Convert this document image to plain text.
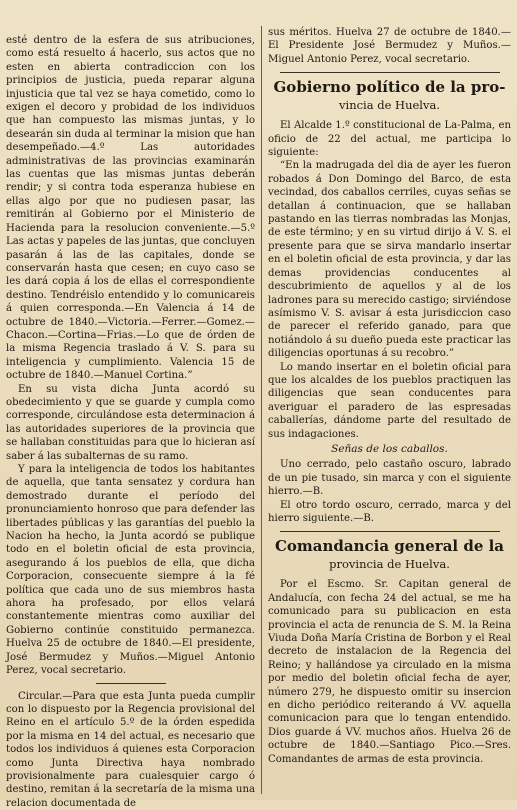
esté dentro de la esfera de sus atribuciones, como está resuelto á hacerlo, sus actos que no esten en abierta contradiccion con los principios de justicia, pueda reparar alguna injusticia que tal vez se haya cometido, como lo exigen el decoro y probidad de los individuos que han compuesto las mismas juntas, y lo desearán sin duda al terminar la mision que han desempeñado.—4.º Las autoridades administrativas de las provincias examinarán las cuentas que las mismas juntas deberán rendir; y si contra toda esperanza hubiese en ellas algo por que no pudiesen pasar, las remitirán al Gobierno por el Ministerio de Hacienda para la resolucion conveniente.—5.º Las actas y papeles de las juntas, que concluyen pasarán á las de las capitales, donde se conservarán hasta que cesen; en cuyo caso se les dará copia á los de ellas el correspondiente destino. Tendréislo entendido y lo comunicareis á quien corresponda.—En Valencia á 14 de octubre de 1840.—Victoria.—Ferrer.—Gomez.—Chacon.—Cortina—Frias.—Lo que de órden de la misma Regencia traslado á V. S. para su inteligencia y cumplimiento. Valencia 15 de octubre de 1840.—Manuel Cortina.”

En su vista dicha Junta acordó su obedecimiento y que se guarde y cumpla como corresponde, circulándose esta determinacion á las autoridades superiores de la provincia que se hallaban constituidas para que lo hicieran así saber á las subalternas de su ramo.

Y para la inteligencia de todos los habitantes de aquella, que tanta sensatez y cordura han demostrado durante el período del pronunciamiento honroso que para defender las libertades públicas y las garantías del pueblo la Nacion ha hecho, la Junta acordó se publique todo en el boletin oficial de esta provincia, asegurando á los pueblos de ella, que dicha Corporacion, consecuente siempre á la fé política que cada uno de sus miembros hasta ahora ha profesado, por ellos velará constantemente mientras como auxiliar del Gobierno continúe constituido permanezca. Huelva 25 de octubre de 1840.—El presidente, José Bermudez y Muños.—Miguel Antonio Perez, vocal secretario.

Circular.—Para que esta Junta pueda cumplir con lo dispuesto por la Regencia provisional del Reino en el artículo 5.º de la órden espedida por la misma en 14 del actual, es necesario que todos los individuos á quienes esta Corporacion como Junta Directiva haya nombrado provisionalmente para cualesquier cargo ó destino, remitan á la secretaría de la misma una relacion documentada de

sus méritos. Huelva 27 de octubre de 1840.—El Presidente José Bermudez y Muños.—Miguel Antonio Perez, vocal secretario.

Gobierno político de la pro-
vincia de Huelva.

El Alcalde 1.º constitucional de La-Palma, en oficio de 22 del actual, me participa lo siguiente:

“En la madrugada del dia de ayer les fueron robados á Don Domingo del Barco, de esta vecindad, dos caballos cerriles, cuyas señas se detallan á continuacion, que se hallaban pastando en las tierras nombradas las Monjas, de este término; y en su virtud dirijo á V. S. el presente para que se sirva mandarlo insertar en el boletin oficial de esta provincia, y dar las demas providencias conducentes al descubrimiento de aquellos y al de los ladrones para su merecido castigo; sirviéndose asímismo V. S. avisar á esta jurisdiccion caso de parecer el referido ganado, para que notiándolo á su dueño pueda este practicar las diligencias oportunas á su recobro.”

Lo mando insertar en el boletin oficial para que los alcaldes de los pueblos practiquen las diligencias que sean conducentes para averiguar el paradero de las espresadas caballerías, dándome parte del resultado de sus indagaciones.

Señas de los caballos.

Uno cerrado, pelo castaño oscuro, labrado de un pie tusado, sin marca y con el siguiente hierro.—B.

El otro tordo oscuro, cerrado, marca y del hierro siguiente.—B.

Comandancia general de la
provincia de Huelva.

Por el Escmo. Sr. Capitan general de Andalucía, con fecha 24 del actual, se me ha comunicado para su publicacion en esta provincia el acta de renuncia de S. M. la Reina Viuda Doña María Cristina de Borbon y el Real decreto de instalacion de la Regencia del Reino; y hallándose ya circulado en la misma por medio del boletin oficial fecha de ayer, número 279, he dispuesto omitir su insercion en dicho periódico reiterando á VV. aquella comunicacion para que lo tengan entendido. Dios guarde á VV. muchos años. Huelva 26 de octubre de 1840.—Santiago Pico.—Sres. Comandantes de armas de esta provincia.
